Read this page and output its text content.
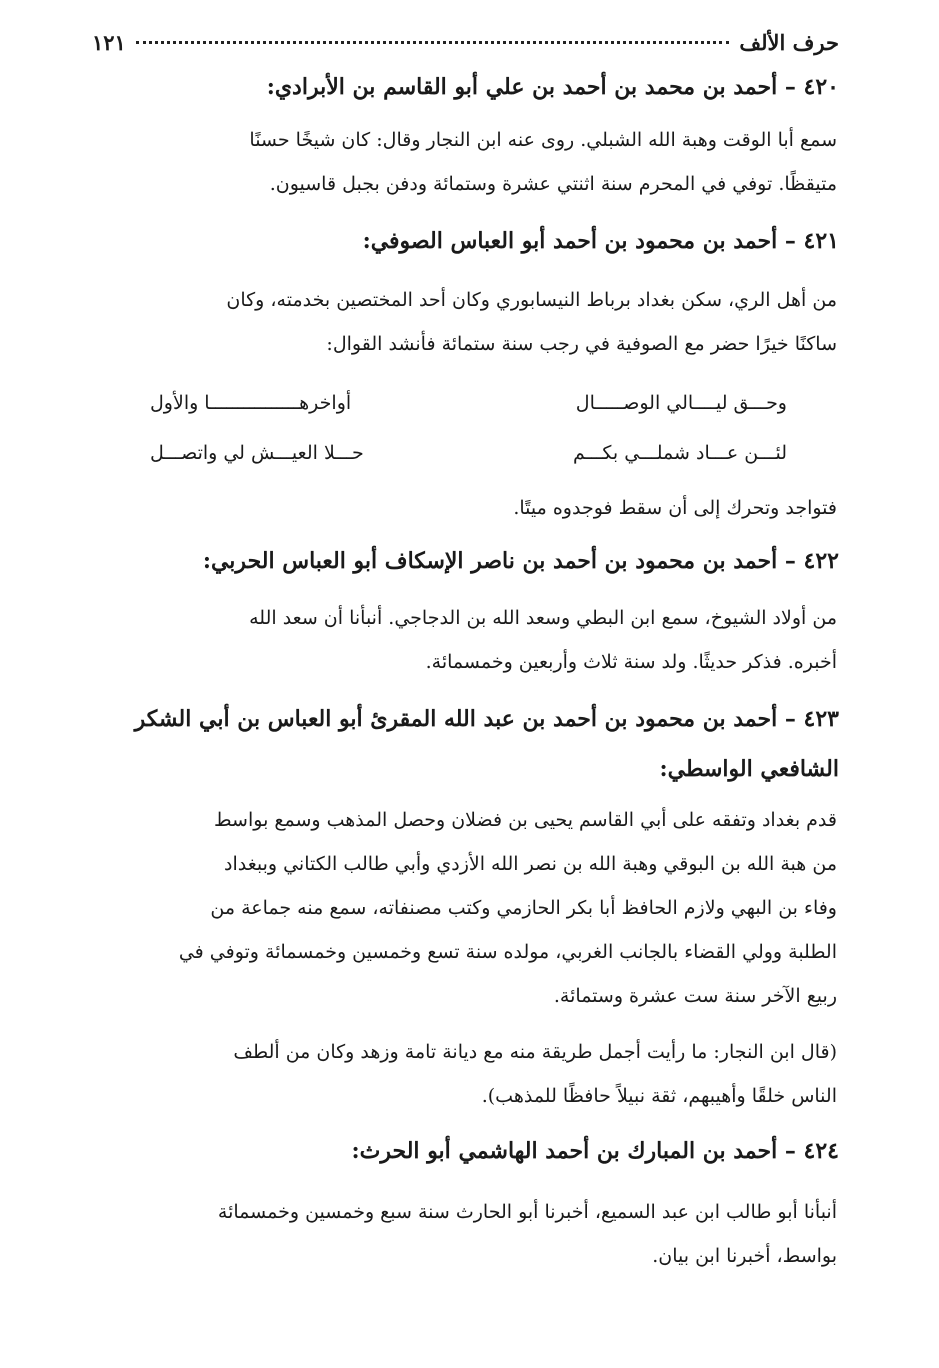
حرف الألف
١٢١
٤٢٠ – أحمد بن محمد بن أحمد بن علي أبو القاسم بن الأبرادي:
سمع أبا الوقت وهبة الله الشبلي. روى عنه ابن النجار وقال: كان شيخًا حسنًا
متيقظًا. توفي في المحرم سنة اثنتي عشرة وستمائة ودفن بجبل قاسيون.
٤٢١ – أحمد بن محمود بن أحمد أبو العباس الصوفي:
من أهل الري، سكن بغداد برباط النيسابوري وكان أحد المختصين بخدمته، وكان
ساكنًا خيرًا حضر مع الصوفية في رجب سنة ستمائة فأنشد القوال:
وحـــق ليــــالي الوصـــــال
أواخرهــــــــــــــــا والأول
لئـــن عـــاد شملـــي بكـــم
حـــلا العيـــش لي واتصـــل
فتواجد وتحرك إلى أن سقط فوجدوه ميتًا.
٤٢٢ – أحمد بن محمود بن أحمد بن ناصر الإسكاف أبو العباس الحربي:
من أولاد الشيوخ، سمع ابن البطي وسعد الله بن الدجاجي. أنبأنا أن سعد الله
أخبره. فذكر حديثًا. ولد سنة ثلاث وأربعين وخمسمائة.
٤٢٣ – أحمد بن محمود بن أحمد بن عبد الله المقرئ أبو العباس بن أبي الشكر الشافعي الواسطي:
قدم بغداد وتفقه على أبي القاسم يحيى بن فضلان وحصل المذهب وسمع بواسط
من هبة الله بن البوقي وهبة الله بن نصر الله الأزدي وأبي طالب الكتاني وببغداد
وفاء بن البهي ولازم الحافظ أبا بكر الحازمي وكتب مصنفاته، سمع منه جماعة من
الطلبة وولي القضاء بالجانب الغربي، مولده سنة تسع وخمسين وخمسمائة وتوفي في
ربيع الآخر سنة ست عشرة وستمائة.
(قال ابن النجار: ما رأيت أجمل طريقة منه مع ديانة تامة وزهد وكان من ألطف
الناس خلقًا وأهيبهم، ثقة نبيلاً حافظًا للمذهب).
٤٢٤ – أحمد بن المبارك بن أحمد الهاشمي أبو الحرث:
أنبأنا أبو طالب ابن عبد السميع، أخبرنا أبو الحارث سنة سبع وخمسين وخمسمائة
بواسط، أخبرنا ابن بيان.
